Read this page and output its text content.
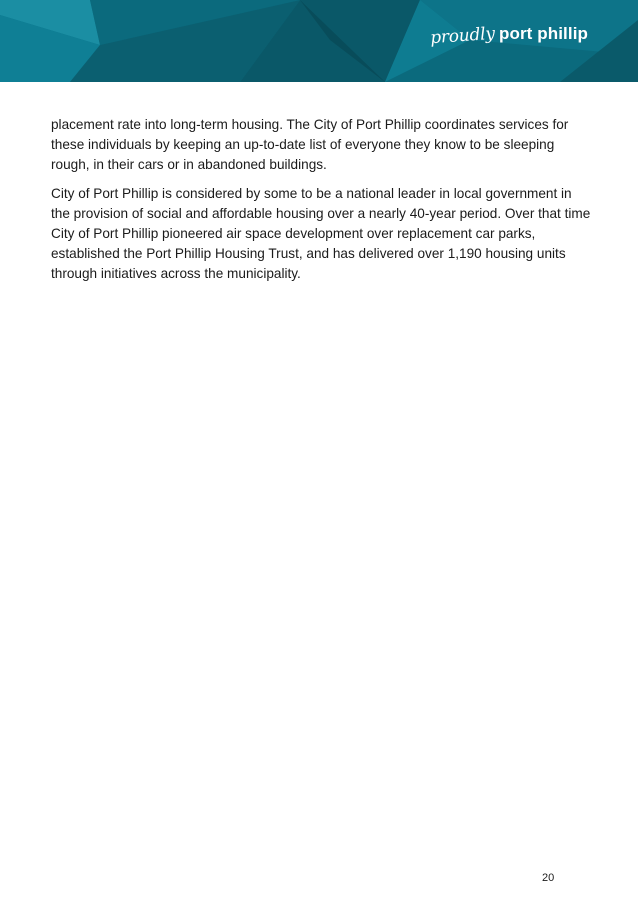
proudly port phillip

placement rate into long-term housing. The City of Port Phillip coordinates services for these individuals by keeping an up-to-date list of everyone they know to be sleeping rough, in their cars or in abandoned buildings.

City of Port Phillip is considered by some to be a national leader in local government in the provision of social and affordable housing over a nearly 40-year period. Over that time City of Port Phillip pioneered air space development over replacement car parks, established the Port Phillip Housing Trust, and has delivered over 1,190 housing units through initiatives across the municipality.

20
